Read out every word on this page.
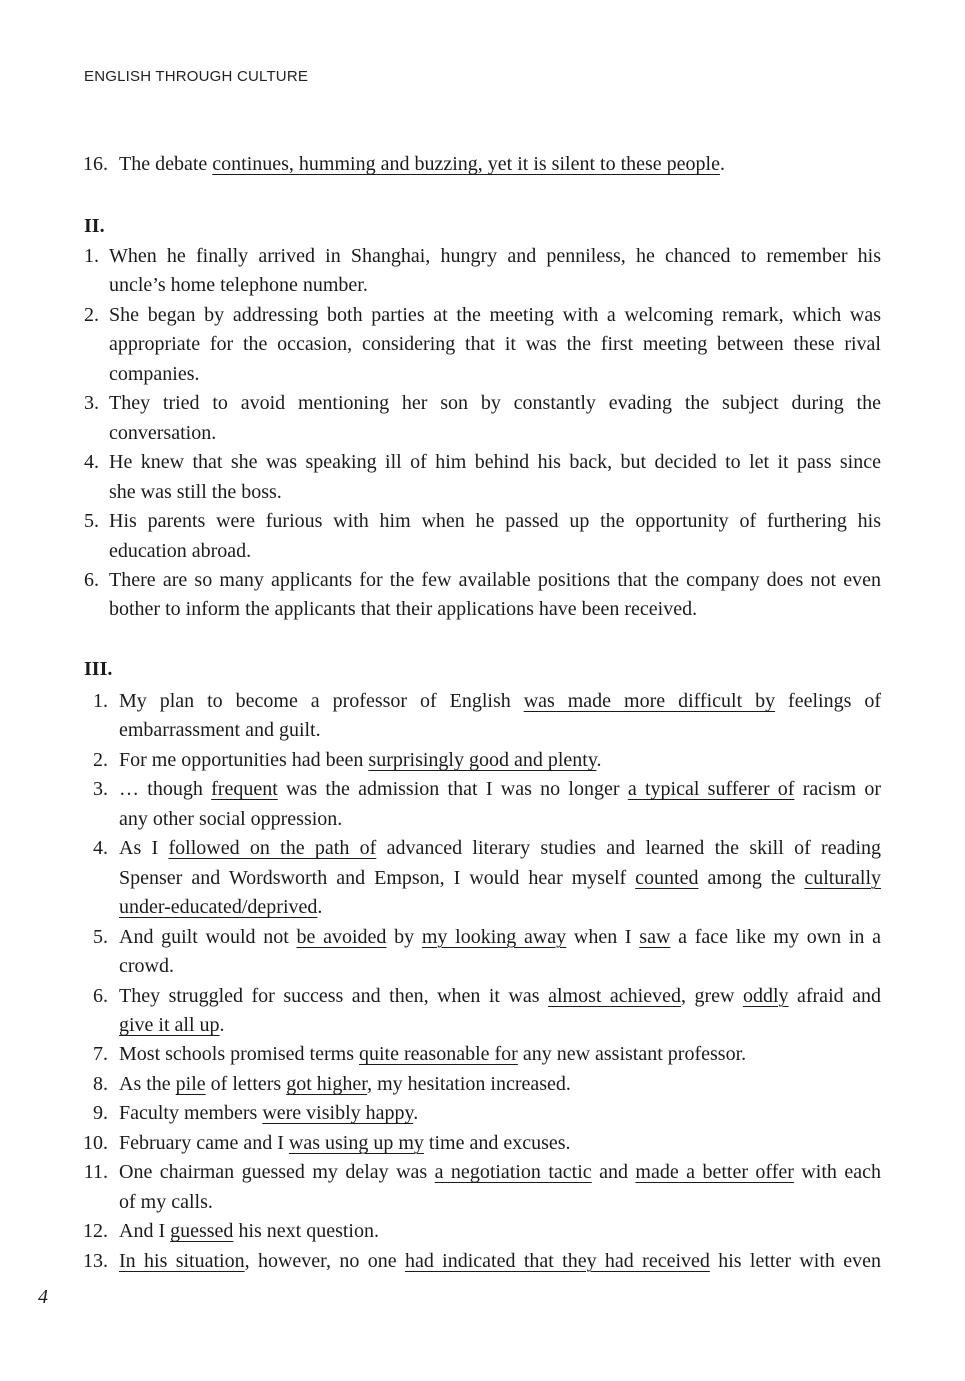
ENGLISH THROUGH CULTURE
16. The debate continues, humming and buzzing, yet it is silent to these people.
II.
1. When he finally arrived in Shanghai, hungry and penniless, he chanced to remember his
uncle’s home telephone number.
2. She began by addressing both parties at the meeting with a welcoming remark, which was
appropriate for the occasion, considering that it was the first meeting between these rival
companies.
3. They tried to avoid mentioning her son by constantly evading the subject during the
conversation.
4. He knew that she was speaking ill of him behind his back, but decided to let it pass since
she was still the boss.
5. His parents were furious with him when he passed up the opportunity of furthering his
education abroad.
6. There are so many applicants for the few available positions that the company does not even
bother to inform the applicants that their applications have been received.
III.
1. My plan to become a professor of English was made more difficult by feelings of
embarrassment and guilt.
2. For me opportunities had been surprisingly good and plenty.
3. … though frequent was the admission that I was no longer a typical sufferer of racism or
any other social oppression.
4. As I followed on the path of advanced literary studies and learned the skill of reading
Spenser and Wordsworth and Empson, I would hear myself counted among the culturally
under-educated/deprived.
5. And guilt would not be avoided by my looking away when I saw a face like my own in a
crowd.
6. They struggled for success and then, when it was almost achieved, grew oddly afraid and
give it all up.
7. Most schools promised terms quite reasonable for any new assistant professor.
8. As the pile of letters got higher, my hesitation increased.
9. Faculty members were visibly happy.
10. February came and I was using up my time and excuses.
11. One chairman guessed my delay was a negotiation tactic and made a better offer with each
of my calls.
12. And I guessed his next question.
13. In his situation, however, no one had indicated that they had received his letter with even
4
